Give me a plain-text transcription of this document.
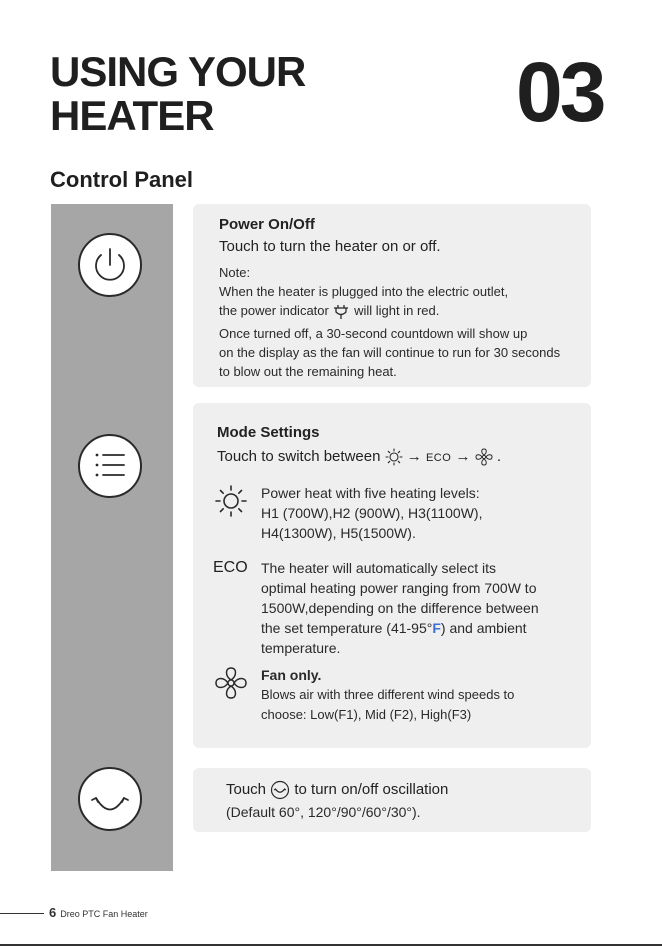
USING YOUR
HEATER	03
Control Panel

Power On/Off

Touch to turn the heater on or off.

Note:

When the heater is plugged into the electric outlet,

the power indicator will light in red.

Once turned off, a 30-second countdown will show up

on the display as the fan will continue to run for 30 seconds

to blow out the remaining heat.

Mode Settings

Touch to switch between → ECO → .

Power heat with five heating levels:

H1 (700W),H2 (900W), H3(1100W),

H4(1300W), H5(1500W).

ECO The heater will automatically select its

optimal heating power ranging from 700W to

1500W,depending on the difference between

the set temperature (41-95°F) and ambient

temperature.

Fan only.

Blows air with three different wind speeds to

choose: Low(F1), Mid (F2), High(F3)

Touch to turn on/off oscillation

(Default 60°, 120°/90°/60°/30°).

6 Dreo PTC Fan Heater
